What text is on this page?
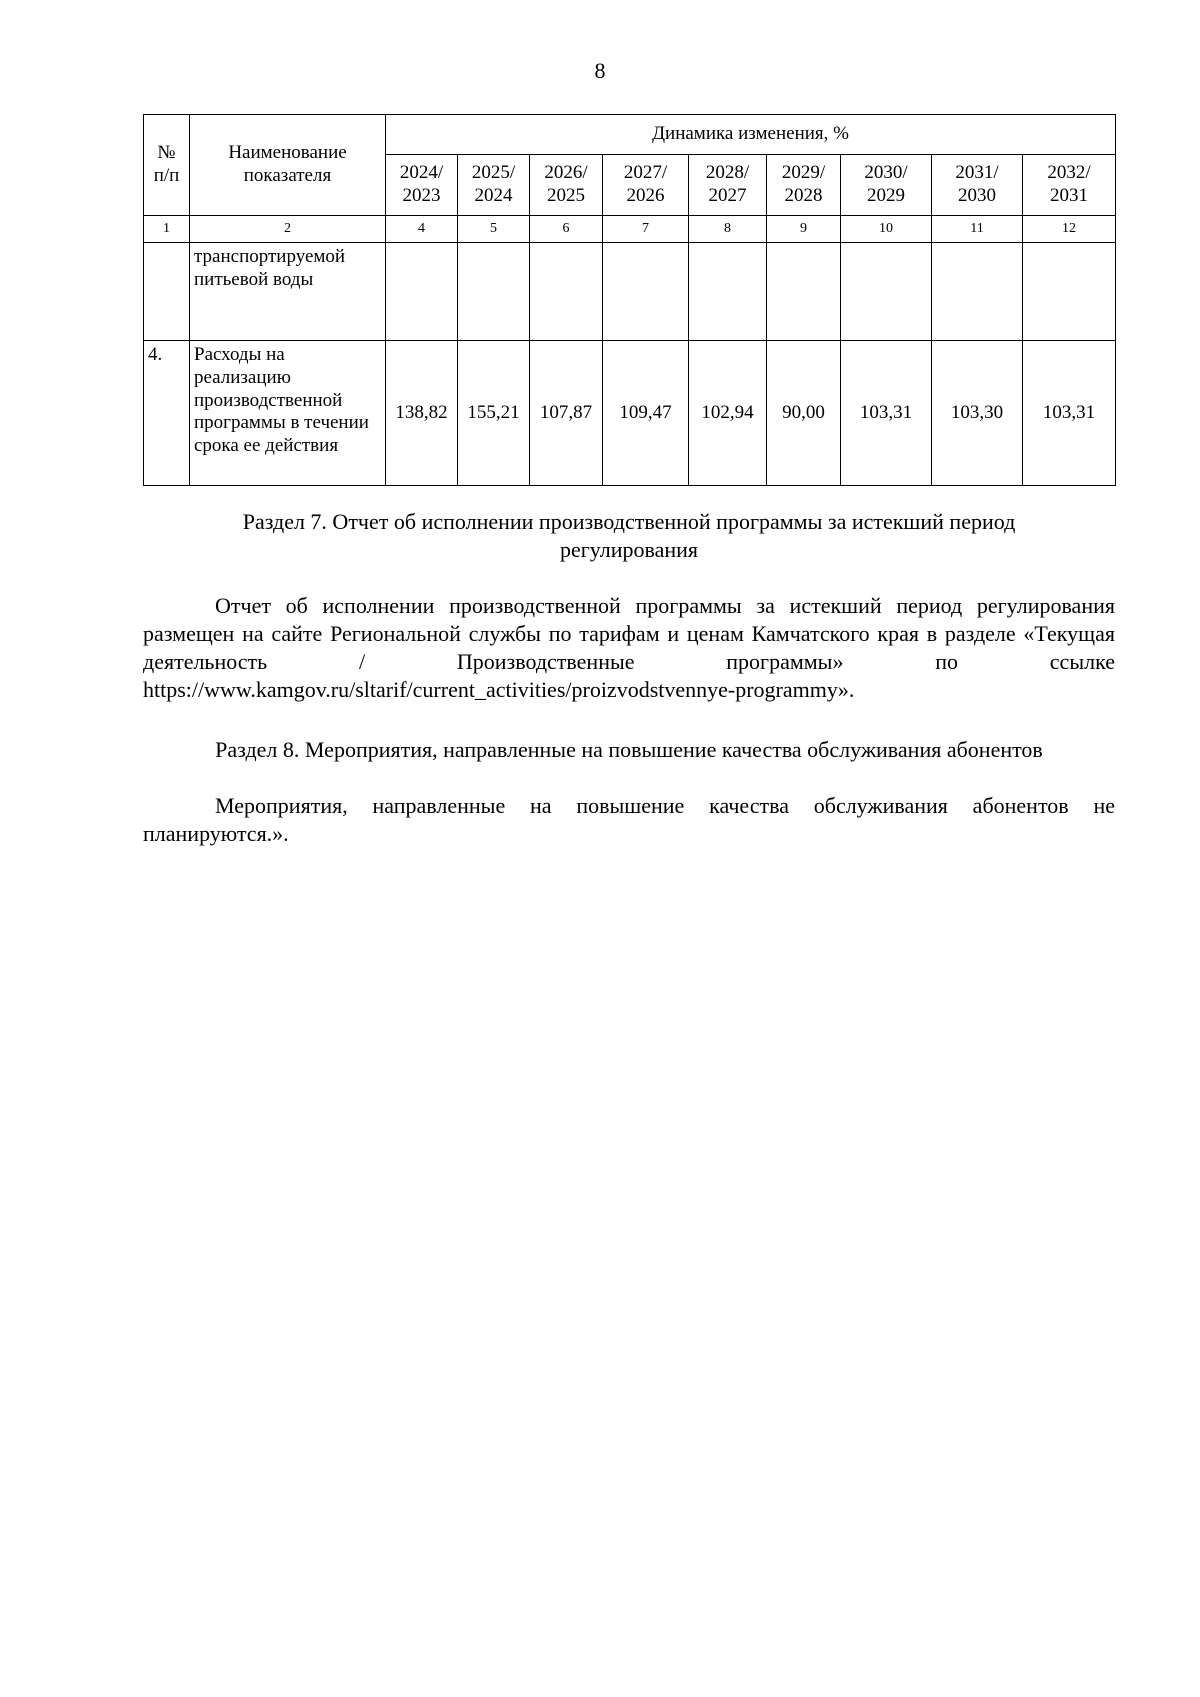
8
№
п/п	Наименование показателя	Динамика изменения, %								
		2024/ 2023	2025/ 2024	2026/ 2025	2027/ 2026	2028/ 2027	2029/ 2028	2030/ 2029	2031/ 2030	2032/ 2031
1	2	4	5	6	7	8	9	10	11	12
	транспортируемой питьевой воды									
4.	Расходы на реализацию производственной программы в течении срока ее действия	138,82	155,21	107,87	109,47	102,94	90,00	103,31	103,30	103,31
Раздел 7. Отчет об исполнении производственной программы за истекший период регулирования

Отчет об исполнении производственной программы за истекший период регулирования размещен на сайте Региональной службы по тарифам и ценам Камчатского края в разделе «Текущая деятельность / Производственные программы» по ссылке https://www.kamgov.ru/sltarif/current_activities/proizvodstvennye-programmy».

Раздел 8. Мероприятия, направленные на повышение качества обслуживания абонентов

Мероприятия, направленные на повышение качества обслуживания абонентов не планируются.».
